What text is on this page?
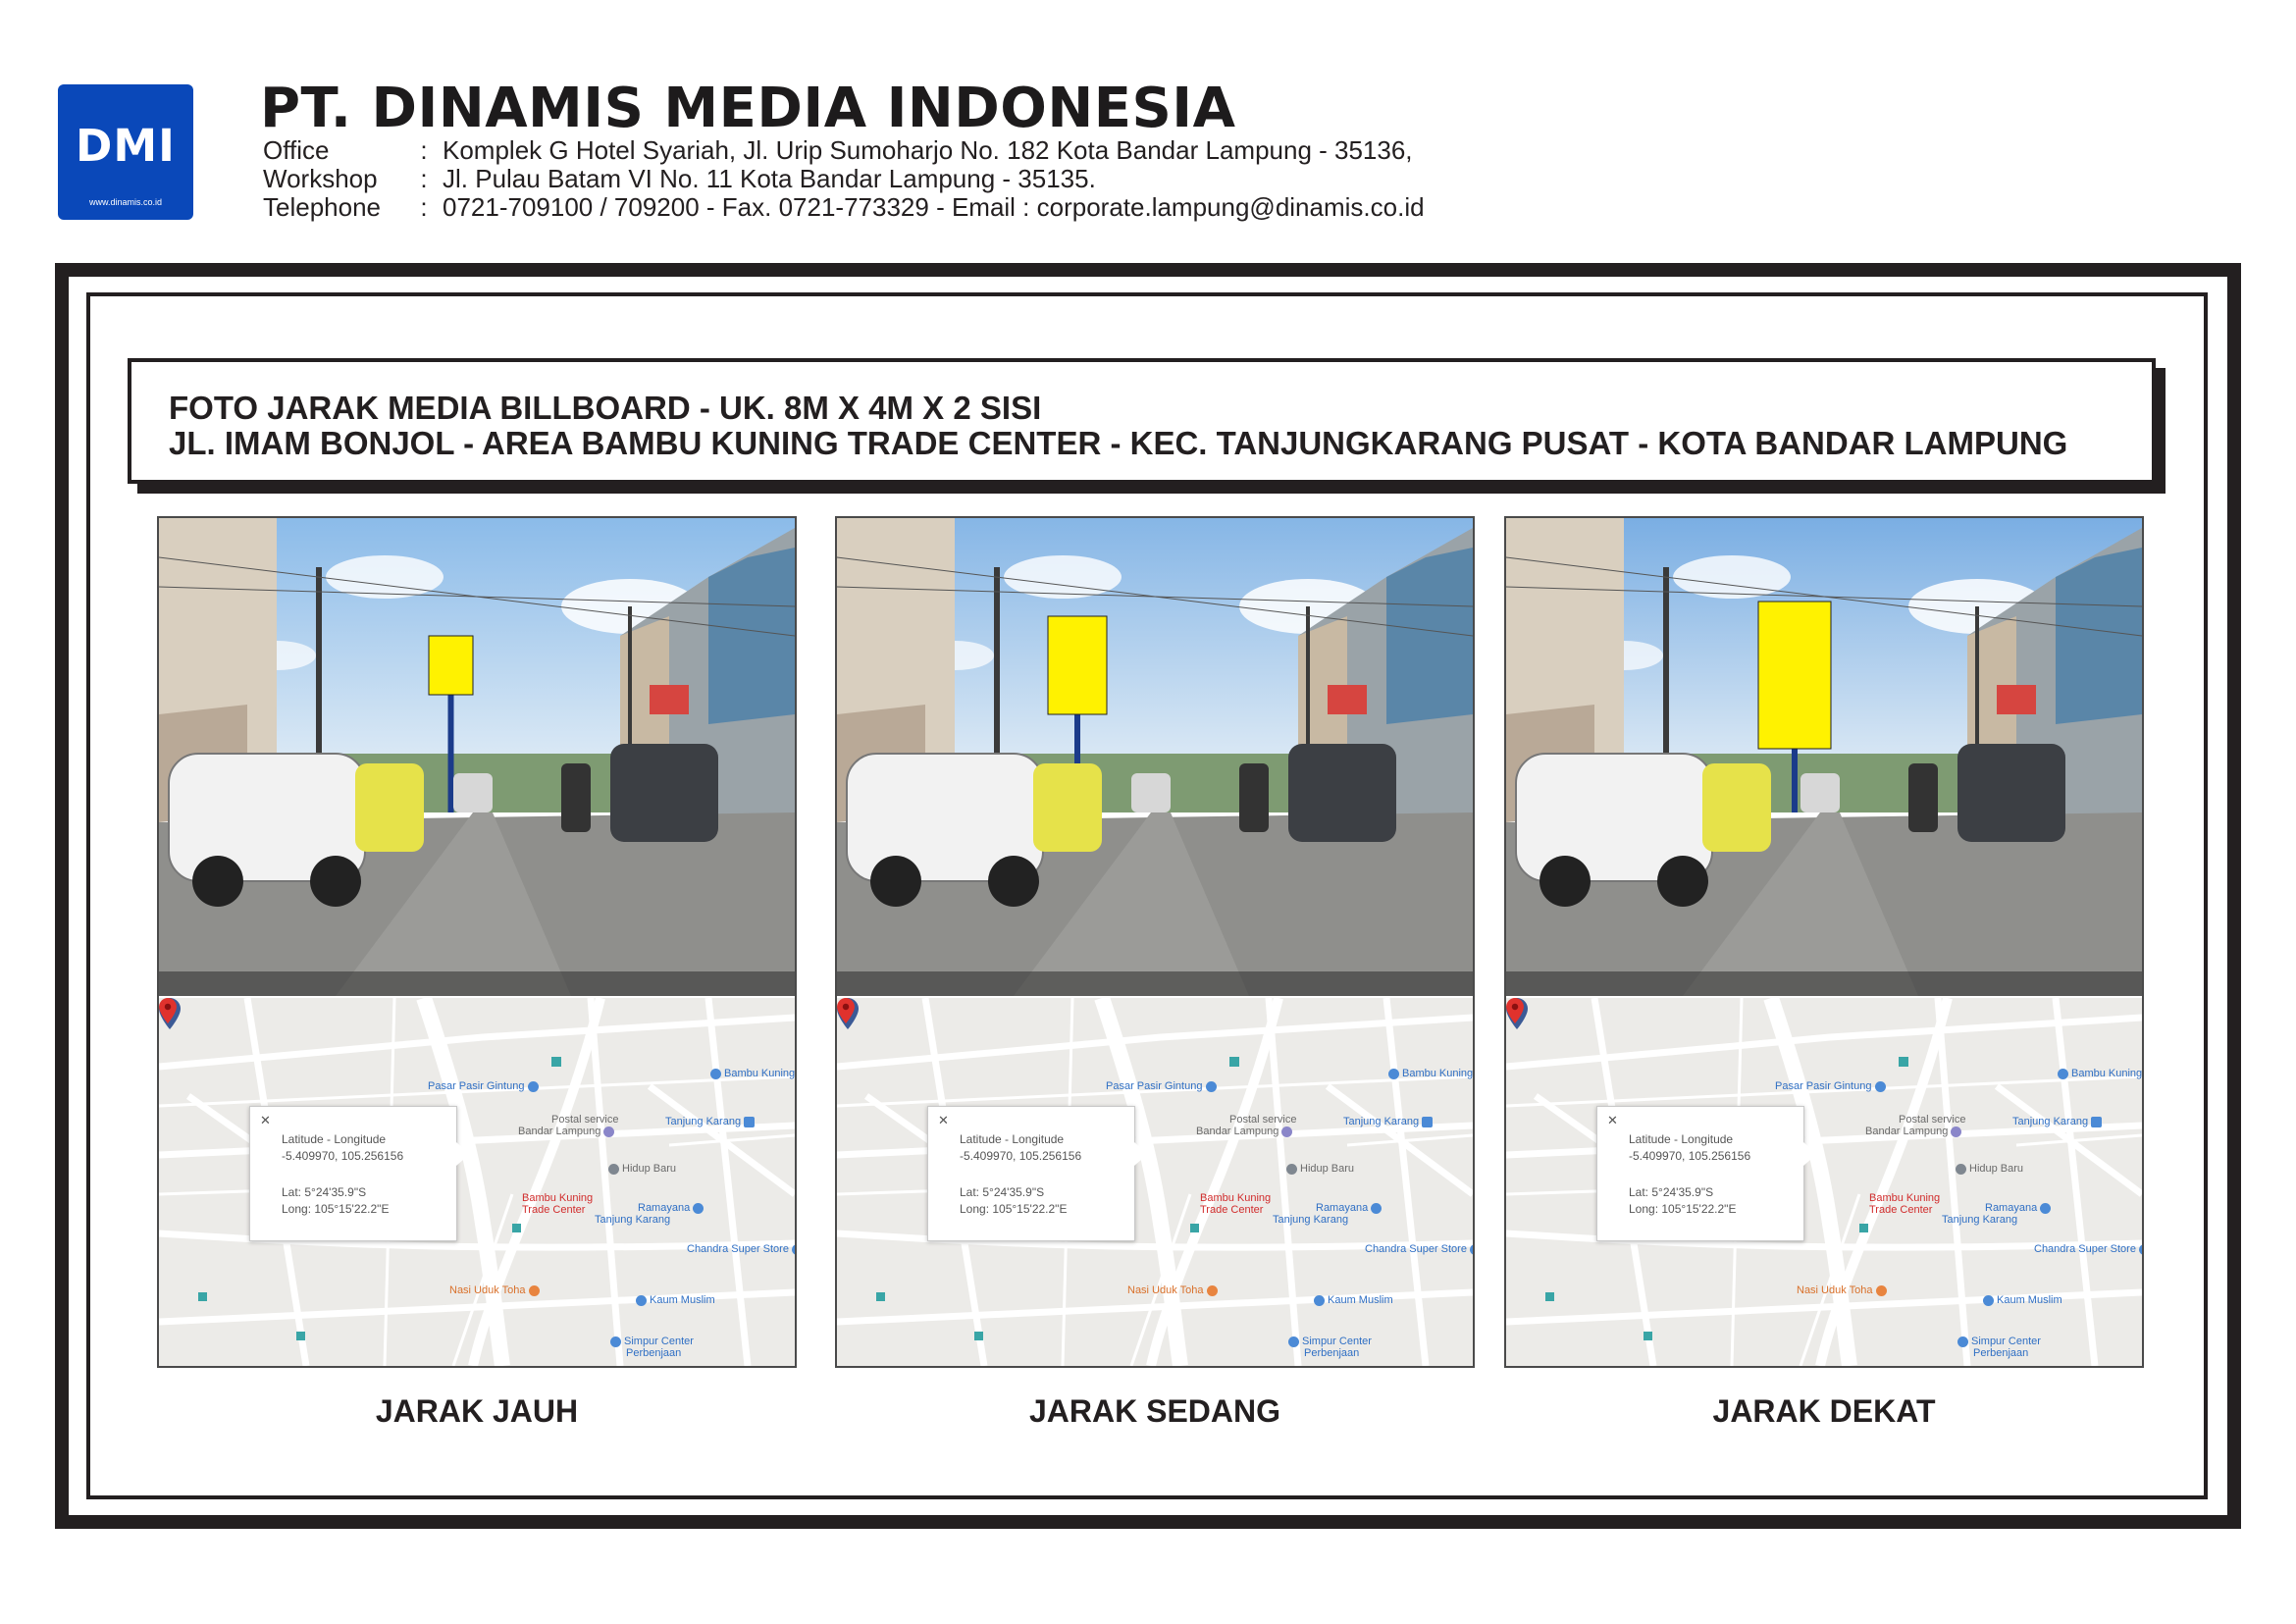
DMI
www.dinamis.co.id
PT. DINAMIS MEDIA INDONESIA
Office	: Komplek G Hotel Syariah, Jl. Urip Sumoharjo No. 182 Kota Bandar Lampung - 35136,
Workshop	: Jl. Pulau Batam VI No. 11 Kota Bandar Lampung - 35135.
Telephone	: 0721-709100 / 709200 - Fax. 0721-773329 - Email : corporate.lampung@dinamis.co.id
FOTO JARAK MEDIA BILLBOARD - UK. 8M X 4M X 2 SISI
JL. IMAM BONJOL - AREA BAMBU KUNING TRADE CENTER - KEC. TANJUNGKARANG PUSAT - KOTA BANDAR LAMPUNG
✕
Latitude - Longitude
-5.409970, 105.256156
Lat: 5°24'35.9"S
Long: 105°15'22.2"E
Pasar Pasir Gintung
Postal service
Bandar Lampung
Tanjung Karang
Bambu Kuning
Hidup Baru
Bambu Kuning
Trade Center	Ramayana
Tanjung Karang
Chandra Super Store
Nasi Uduk Toha
Kaum Muslim
Simpur Center
Perbenjaan
✕
Latitude - Longitude
-5.409970, 105.256156
Lat: 5°24'35.9"S
Long: 105°15'22.2"E
Pasar Pasir Gintung
Postal service
Bandar Lampung
Tanjung Karang
Bambu Kuning
Hidup Baru
Bambu Kuning
Trade Center	Ramayana
Tanjung Karang
Chandra Super Store
Nasi Uduk Toha
Kaum Muslim
Simpur Center
Perbenjaan
✕
Latitude - Longitude
-5.409970, 105.256156
Lat: 5°24'35.9"S
Long: 105°15'22.2"E
Pasar Pasir Gintung
Postal service
Bandar Lampung
Tanjung Karang
Bambu Kuning
Hidup Baru
Bambu Kuning
Trade Center	Ramayana
Tanjung Karang
Chandra Super Store
Nasi Uduk Toha
Kaum Muslim
Simpur Center
Perbenjaan
JARAK JAUH	JARAK SEDANG	JARAK DEKAT
